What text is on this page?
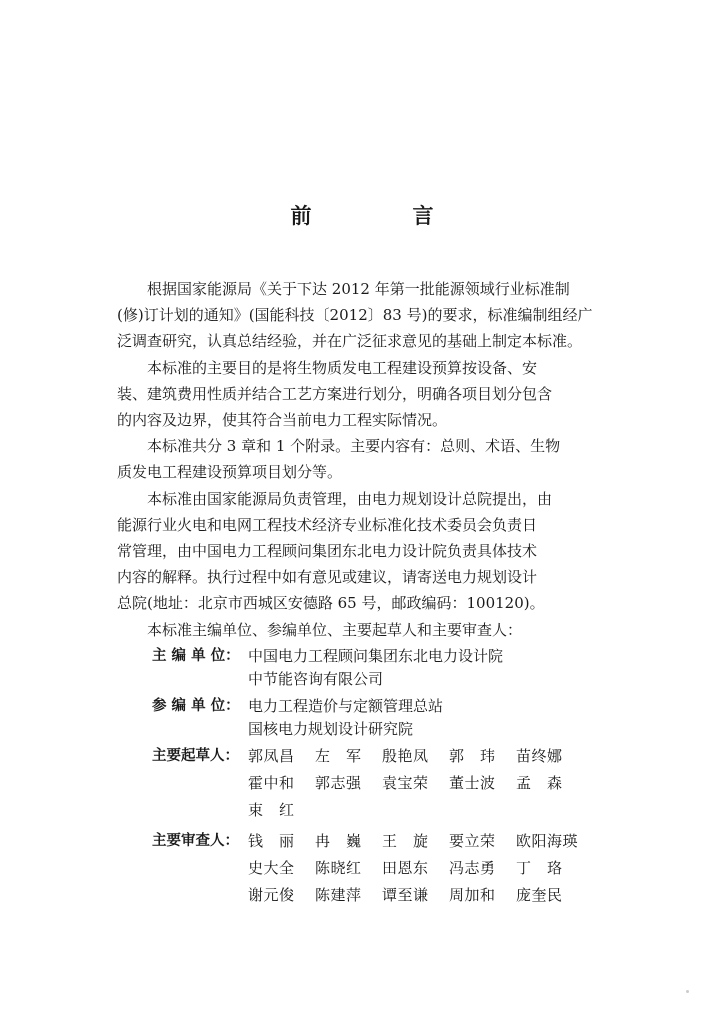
前　言

根据国家能源局《关于下达 2012 年第一批能源领域行业标准制
(修)订计划的通知》(国能科技〔2012〕83 号)的要求，标准编制组经广
泛调查研究，认真总结经验，并在广泛征求意见的基础上制定本标准。

本标准的主要目的是将生物质发电工程建设预算按设备、安
装、建筑费用性质并结合工艺方案进行划分，明确各项目划分包含
的内容及边界，使其符合当前电力工程实际情况。

本标准共分 3 章和 1 个附录。主要内容有：总则、术语、生物
质发电工程建设预算项目划分等。

本标准由国家能源局负责管理，由电力规划设计总院提出，由
能源行业火电和电网工程技术经济专业标准化技术委员会负责日
常管理，由中国电力工程顾问集团东北电力设计院负责具体技术
内容的解释。执行过程中如有意见或建议，请寄送电力规划设计
总院(地址：北京市西城区安德路 65 号，邮政编码：100120)。

本标准主编单位、参编单位、主要起草人和主要审查人：

主 编 单 位： 中国电力工程顾问集团东北电力设计院
中节能咨询有限公司
参 编 单 位： 电力工程造价与定额管理总站
国核电力规划设计研究院
主要起草人： 郭凤昌	左　军	殷艳凤	郭　玮	苗终娜
霍中和	郭志强	袁宝荣	董士波	孟　森
束　红
主要审查人： 钱　丽	冉　巍	王　旋	要立荣	欧阳海瑛
史大全	陈晓红	田恩东	冯志勇	丁　珞
谢元俊	陈建萍	谭至谦	周加和	庞奎民
